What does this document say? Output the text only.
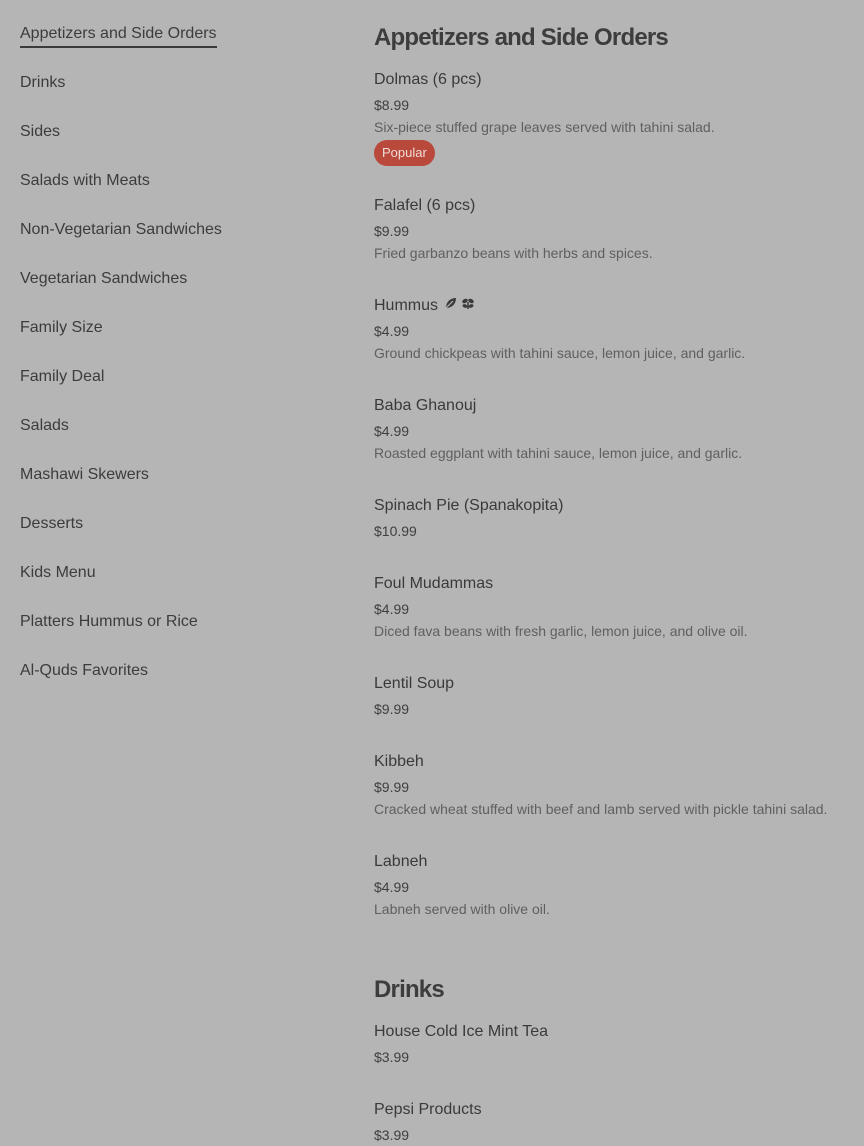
Appetizers and Side Orders
Drinks
Sides
Salads with Meats
Non-Vegetarian Sandwiches
Vegetarian Sandwiches
Family Size
Family Deal
Salads
Mashawi Skewers
Desserts
Kids Menu
Platters Hummus or Rice
Al-Quds Favorites
Appetizers and Side Orders
Dolmas (6 pcs)
$8.99
Six-piece stuffed grape leaves served with tahini salad.
Popular
Falafel (6 pcs)
$9.99
Fried garbanzo beans with herbs and spices.
Hummus
$4.99
Ground chickpeas with tahini sauce, lemon juice, and garlic.
Baba Ghanouj
$4.99
Roasted eggplant with tahini sauce, lemon juice, and garlic.
Spinach Pie (Spanakopita)
$10.99
Foul Mudammas
$4.99
Diced fava beans with fresh garlic, lemon juice, and olive oil.
Lentil Soup
$9.99
Kibbeh
$9.99
Cracked wheat stuffed with beef and lamb served with pickle tahini salad.
Labneh
$4.99
Labneh served with olive oil.
Drinks
House Cold Ice Mint Tea
$3.99
Pepsi Products
$3.99
